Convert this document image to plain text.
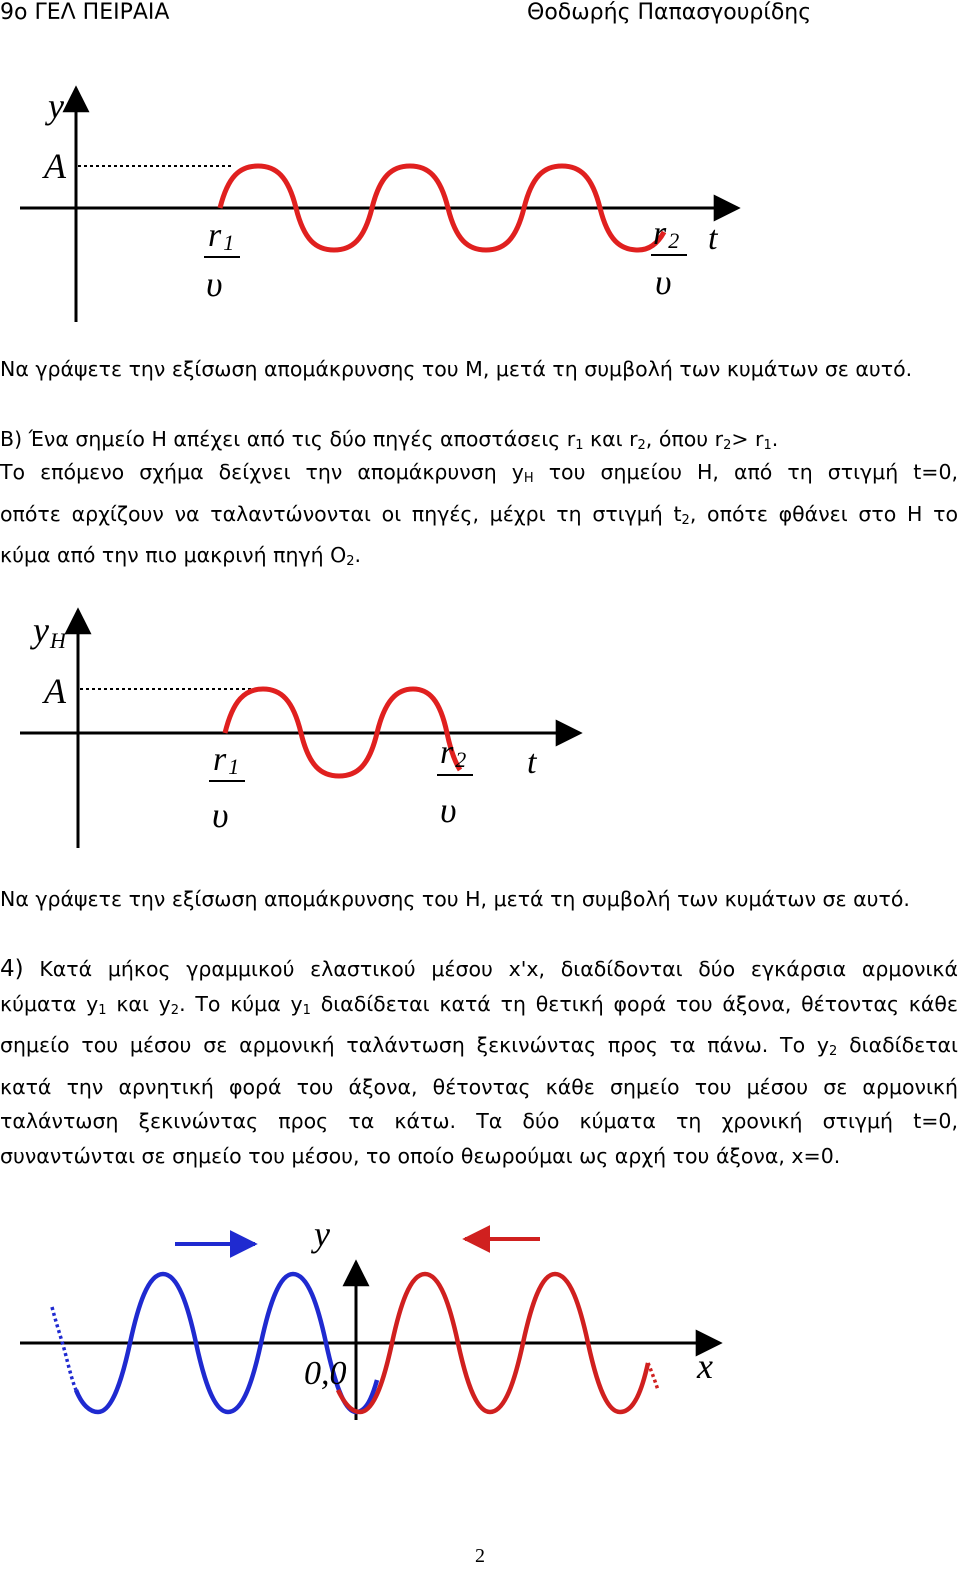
9ο ΓΕΛ ΠΕΙΡΑΙΑ	Θοδωρής Παπασγουρίδης
y
A
r1
υ
r2
υ
t
Να γράψετε την εξίσωση απομάκρυνσης του Μ, μετά τη συμβολή των κυμάτων σε αυτό.
Β) Ένα σημείο Η απέχει από τις δύο πηγές αποστάσεις $r_1$ και $r_2$, όπου $r_2> r_1$.
Το επόμενο σχήμα δείχνει την απομάκρυνση $y_H$ του σημείου Η, από τη στιγμή t=0,
οπότε αρχίζουν να ταλαντώνονται οι πηγές, μέχρι τη στιγμή $t_2$, οπότε φθάνει στο Η το
κύμα από την πιο μακρινή πηγή $O_2$.
yH
A
r1
υ
r2
υ
t
Να γράψετε την εξίσωση απομάκρυνσης του Η, μετά τη συμβολή των κυμάτων σε αυτό.
4) Κατά μήκος γραμμικού ελαστικού μέσου x'x, διαδίδονται δύο εγκάρσια αρμονικά
κύματα $y_1$ και $y_2$. Το κύμα $y_1$ διαδίδεται κατά τη θετική φορά του άξονα, θέτοντας κάθε
σημείο του μέσου σε αρμονική ταλάντωση ξεκινώντας προς τα πάνω. Το $y_2$ διαδίδεται
κατά την αρνητική φορά του άξονα, θέτοντας κάθε σημείο του μέσου σε αρμονική
ταλάντωση ξεκινώντας προς τα κάτω. Τα δύο κύματα τη χρονική στιγμή t=0,
συναντώνται σε σημείο του μέσου, το οποίο θεωρούμαι ως αρχή του άξονα, x=0.
y
0,0	x
2
